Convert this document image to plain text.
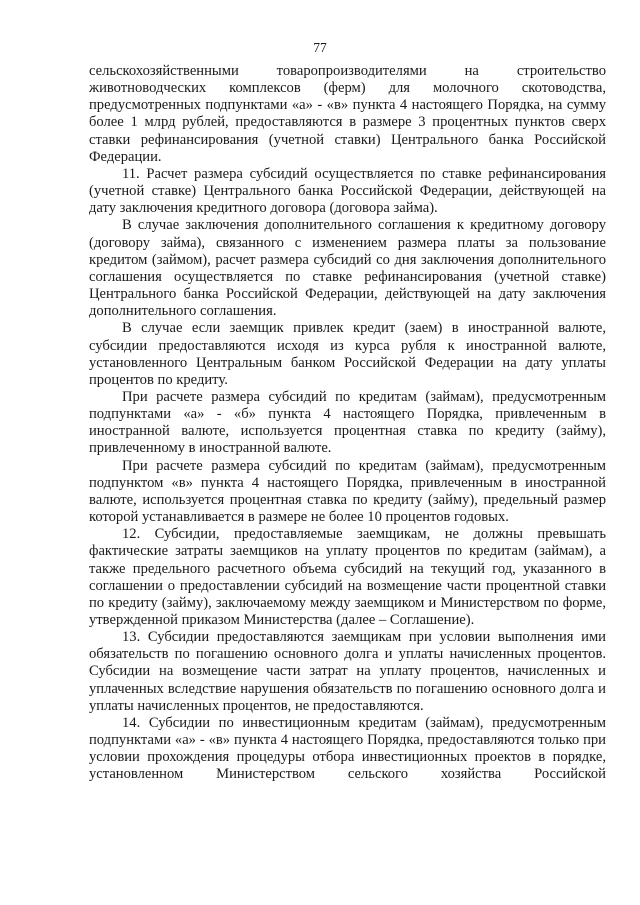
77

сельскохозяйственными товаропроизводителями на строительство животноводческих комплексов (ферм) для молочного скотоводства, предусмотренных подпунктами «а» - «в» пункта 4 настоящего Порядка, на сумму более 1 млрд рублей, предоставляются в размере 3 процентных пунктов сверх ставки рефинансирования (учетной ставки) Центрального банка Российской Федерации.

11. Расчет размера субсидий осуществляется по ставке рефинансирования (учетной ставке) Центрального банка Российской Федерации, действующей на дату заключения кредитного договора (договора займа).

В случае заключения дополнительного соглашения к кредитному договору (договору займа), связанного с изменением размера платы за пользование кредитом (займом), расчет размера субсидий со дня заключения дополнительного соглашения осуществляется по ставке рефинансирования (учетной ставке) Центрального банка Российской Федерации, действующей на дату заключения дополнительного соглашения.

В случае если заемщик привлек кредит (заем) в иностранной валюте, субсидии предоставляются исходя из курса рубля к иностранной валюте, установленного Центральным банком Российской Федерации на дату уплаты процентов по кредиту.

При расчете размера субсидий по кредитам (займам), предусмотренным подпунктами «а» - «б» пункта 4 настоящего Порядка, привлеченным в иностранной валюте, используется процентная ставка по кредиту (займу), привлеченному в иностранной валюте.

При расчете размера субсидий по кредитам (займам), предусмотренным подпунктом «в» пункта 4 настоящего Порядка, привлеченным в иностранной валюте, используется процентная ставка по кредиту (займу), предельный размер которой устанавливается в размере не более 10 процентов годовых.

12. Субсидии, предоставляемые заемщикам, не должны превышать фактические затраты заемщиков на уплату процентов по кредитам (займам), а также предельного расчетного объема субсидий на текущий год, указанного в соглашении о предоставлении субсидий на возмещение части процентной ставки по кредиту (займу), заключаемому между заемщиком и Министерством по форме, утвержденной приказом Министерства (далее – Соглашение).

13. Субсидии предоставляются заемщикам при условии выполнения ими обязательств по погашению основного долга и уплаты начисленных процентов. Субсидии на возмещение части затрат на уплату процентов, начисленных и уплаченных вследствие нарушения обязательств по погашению основного долга и уплаты начисленных процентов, не предоставляются.

14. Субсидии по инвестиционным кредитам (займам), предусмотренным подпунктами «а» - «в» пункта 4 настоящего Порядка, предоставляются только при условии прохождения процедуры отбора инвестиционных проектов в порядке, установленном Министерством сельского хозяйства Российской
